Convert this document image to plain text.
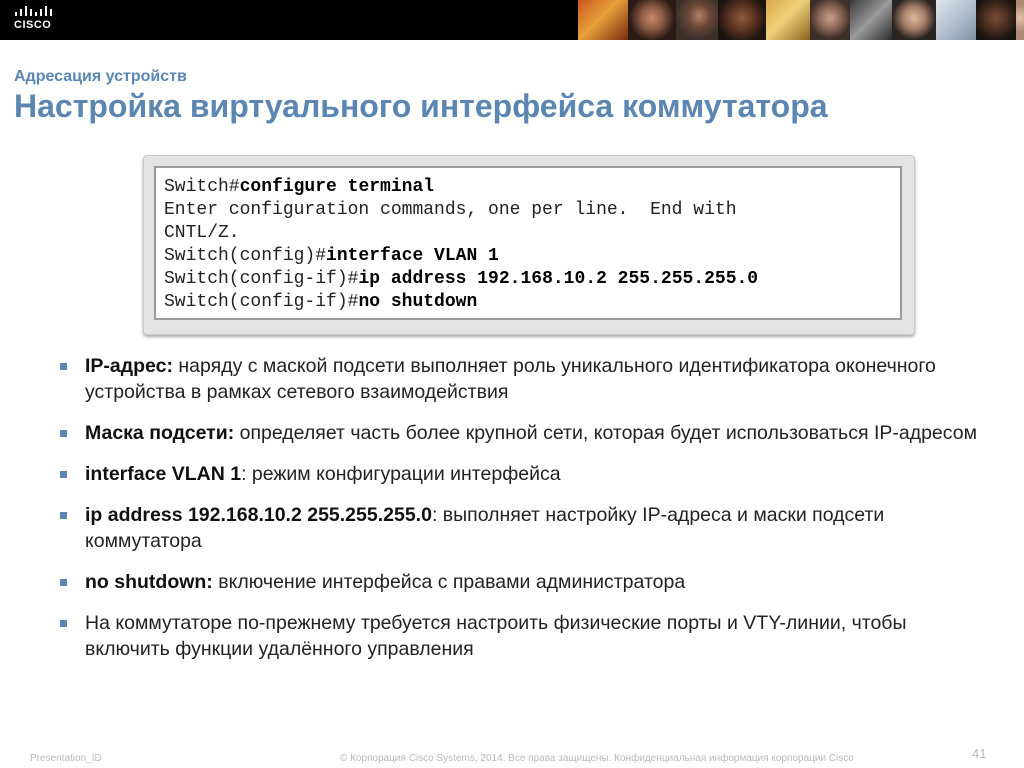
CISCO
Адресация устройств
Настройка виртуального интерфейса коммутатора
Switch#configure terminal
Enter configuration commands, one per line.  End with
CNTL/Z.
Switch(config)#interface VLAN 1
Switch(config-if)#ip address 192.168.10.2 255.255.255.0
Switch(config-if)#no shutdown
IP-адрес: наряду с маской подсети выполняет роль уникального идентификатора оконечного устройства в рамках сетевого взаимодействия
Маска подсети: определяет часть более крупной сети, которая будет использоваться IP-адресом
interface VLAN 1: режим конфигурации интерфейса
ip address 192.168.10.2 255.255.255.0: выполняет настройку IP-адреса и маски подсети коммутатора
no shutdown: включение интерфейса с правами администратора
На коммутаторе по-прежнему требуется настроить физические порты и VTY-линии, чтобы включить функции удалённого управления
Presentation_ID	© Корпорация Cisco Systems, 2014. Все права защищены. Конфиденциальная информация корпорации Cisco	41
